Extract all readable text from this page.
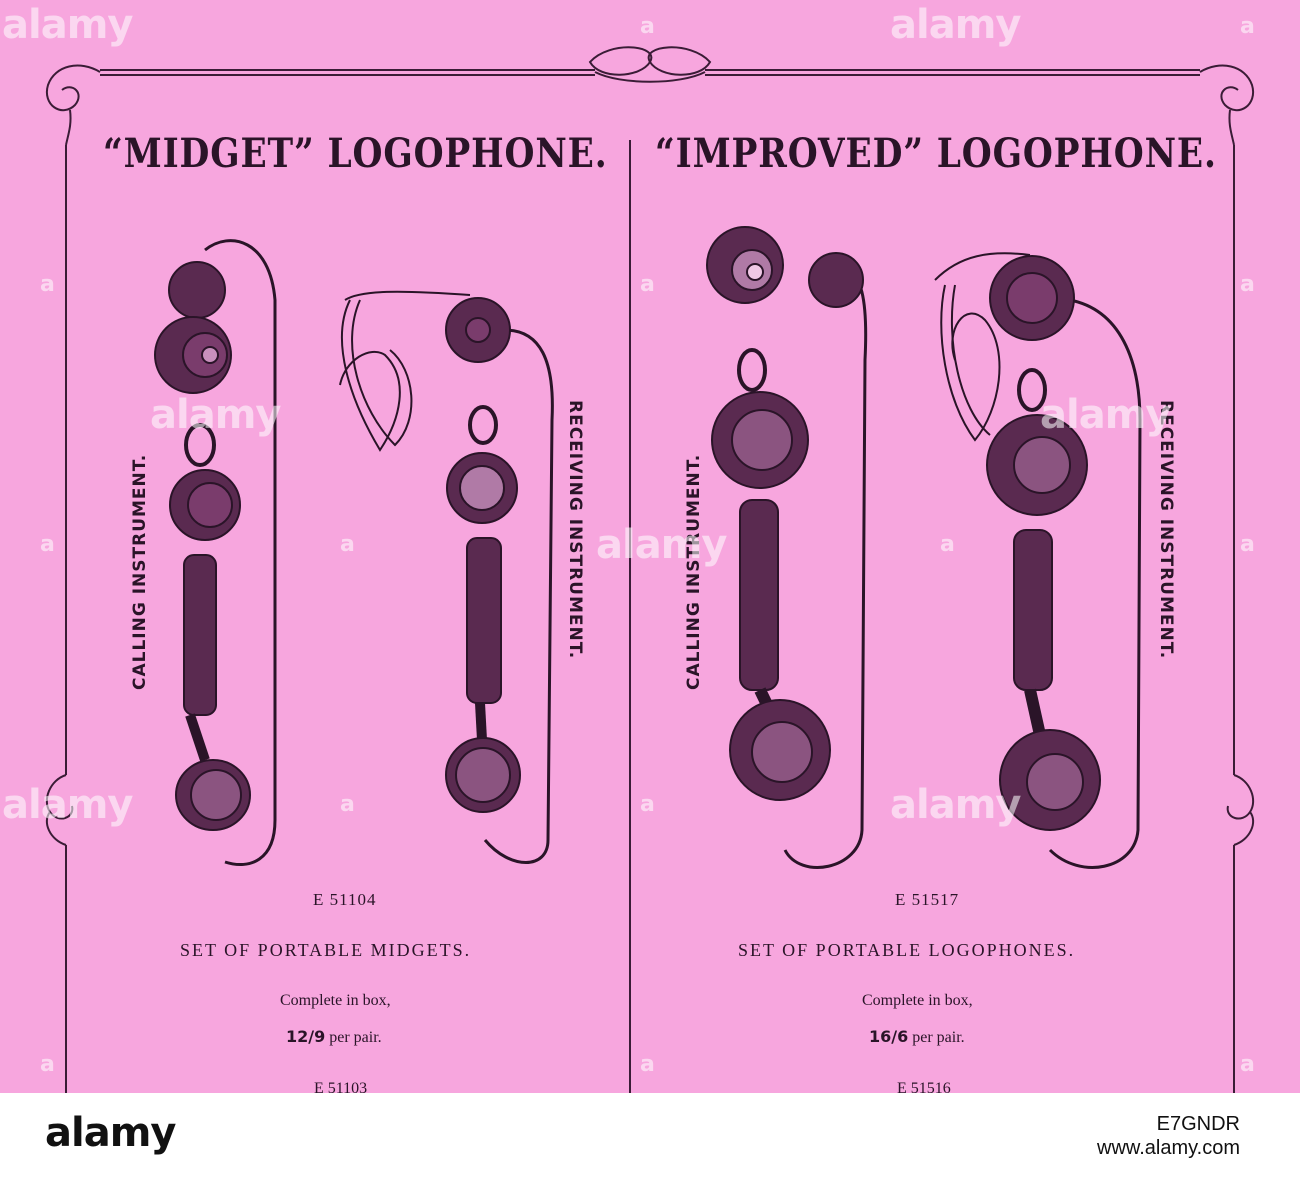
“MIDGET” LOGOPHONE.
CALLING INSTRUMENT.	RECEIVING INSTRUMENT.
E 51104
SET OF PORTABLE MIDGETS.
Complete in box,
12/9 per pair.
E 51103
“IMPROVED” LOGOPHONE.
CALLING INSTRUMENT.	RECEIVING INSTRUMENT.
E 51517
SET OF PORTABLE LOGOPHONES.
Complete in box,
16/6 per pair.
E 51516
alamy	alamy
alamy	alamy
alamy
alamy	alamy
a	a
a	a	a
a	a	a	a
a
a
a	a	a
alamy	E7GNDR
www.alamy.com
